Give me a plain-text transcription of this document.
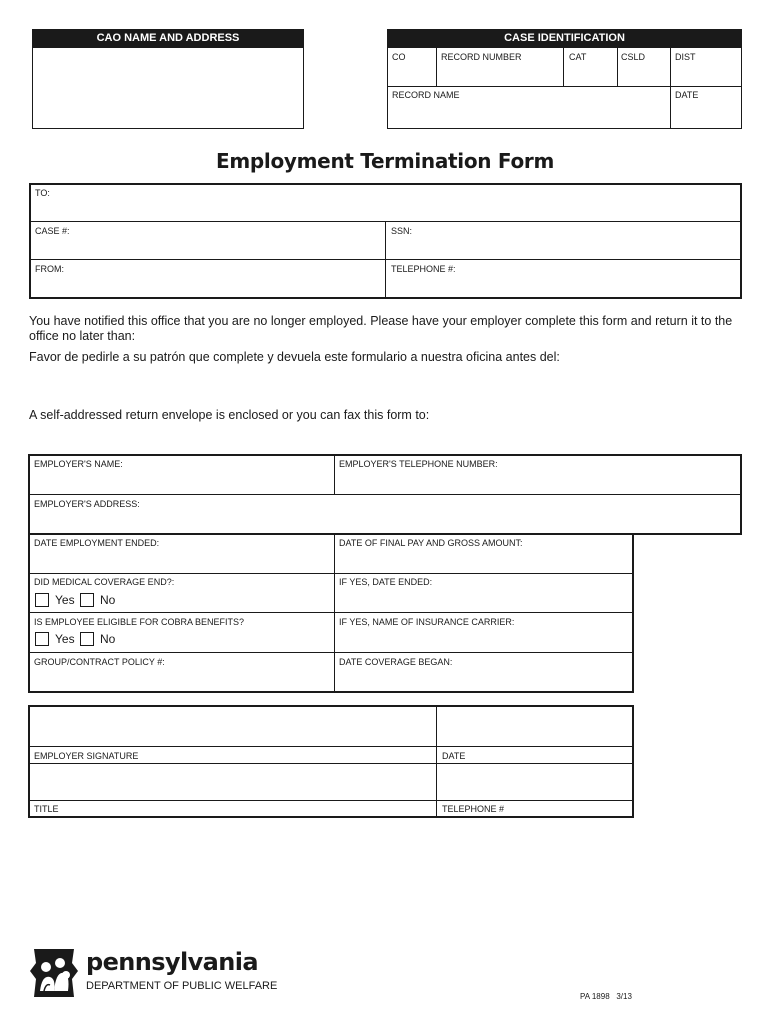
CAO NAME AND ADDRESS	CASE IDENTIFICATION
CO	RECORD NUMBER	CAT	CSLD	DIST
RECORD NAME	DATE
Employment Termination Form
TO:
CASE #:	SSN:
FROM:	TELEPHONE #:
You have notified this office that you are no longer employed. Please have your employer complete this form and return it to the office no later than:
Favor de pedirle a su patrón que complete y devuela este formulario a nuestra oficina antes del:
A self-addressed return envelope is enclosed or you can fax this form to:
EMPLOYER'S NAME:	EMPLOYER'S TELEPHONE NUMBER:
EMPLOYER'S ADDRESS:
DATE EMPLOYMENT ENDED:	DATE OF FINAL PAY AND GROSS AMOUNT:
DID MEDICAL COVERAGE END?:	IF YES, DATE ENDED:
Yes No
IS EMPLOYEE ELIGIBLE FOR COBRA BENEFITS?	IF YES, NAME OF INSURANCE CARRIER:
Yes No
GROUP/CONTRACT POLICY #:	DATE COVERAGE BEGAN:
EMPLOYER SIGNATURE	DATE
TITLE	TELEPHONE #
pennsylvania
DEPARTMENT OF PUBLIC WELFARE
PA 1898   3/13
